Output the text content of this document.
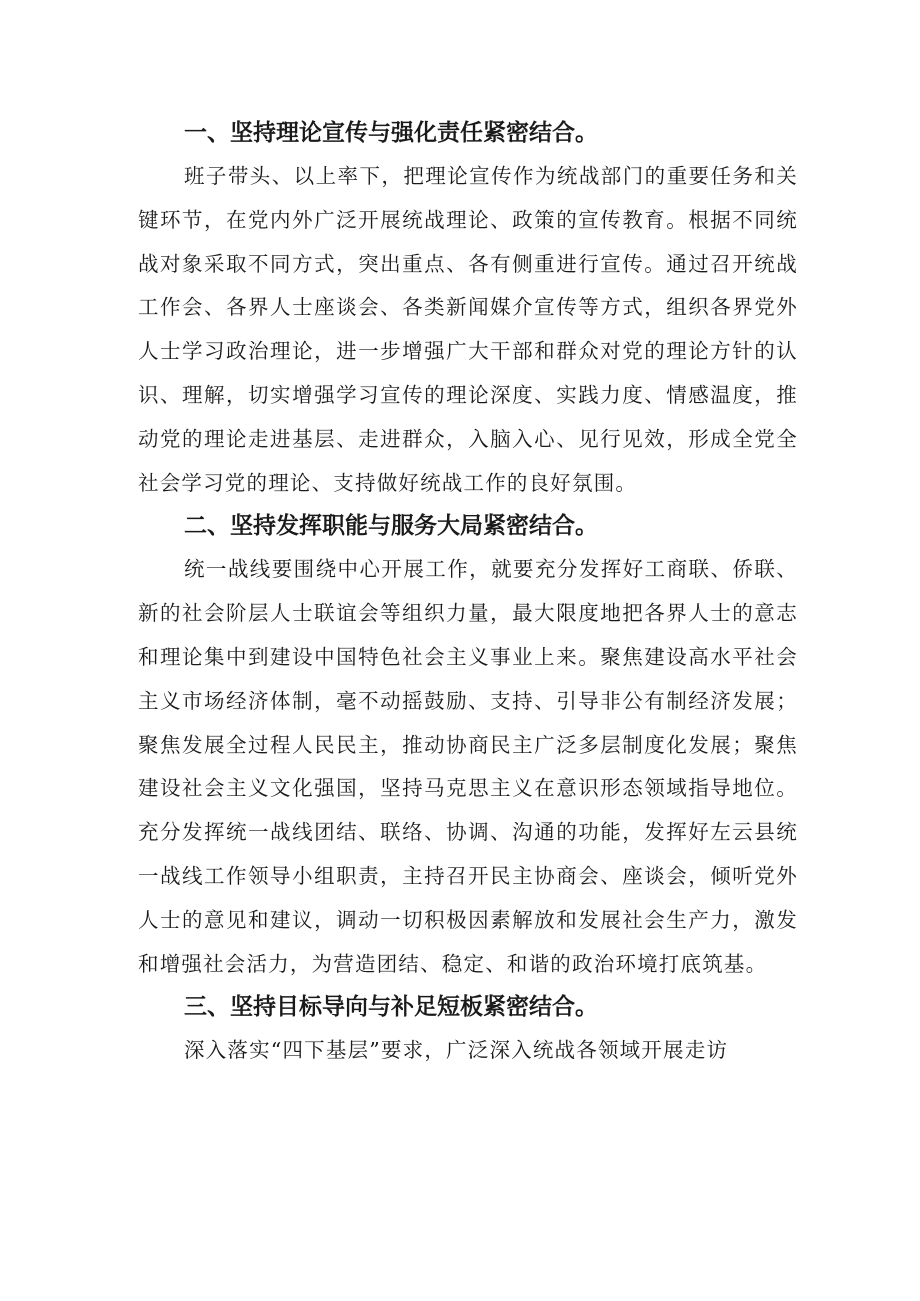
一、坚持理论宣传与强化责任紧密结合。

班子带头、以上率下，把理论宣传作为统战部门的重要任务和关键环节，在党内外广泛开展统战理论、政策的宣传教育。根据不同统战对象采取不同方式，突出重点、各有侧重进行宣传。通过召开统战工作会、各界人士座谈会、各类新闻媒介宣传等方式，组织各界党外人士学习政治理论，进一步增强广大干部和群众对党的理论方针的认识、理解，切实增强学习宣传的理论深度、实践力度、情感温度，推动党的理论走进基层、走进群众，入脑入心、见行见效，形成全党全社会学习党的理论、支持做好统战工作的良好氛围。

二、坚持发挥职能与服务大局紧密结合。

统一战线要围绕中心开展工作，就要充分发挥好工商联、侨联、新的社会阶层人士联谊会等组织力量，最大限度地把各界人士的意志和理论集中到建设中国特色社会主义事业上来。聚焦建设高水平社会主义市场经济体制，毫不动摇鼓励、支持、引导非公有制经济发展；聚焦发展全过程人民民主，推动协商民主广泛多层制度化发展；聚焦建设社会主义文化强国，坚持马克思主义在意识形态领域指导地位。充分发挥统一战线团结、联络、协调、沟通的功能，发挥好左云县统一战线工作领导小组职责，主持召开民主协商会、座谈会，倾听党外人士的意见和建议，调动一切积极因素解放和发展社会生产力，激发和增强社会活力，为营造团结、稳定、和谐的政治环境打底筑基。

三、坚持目标导向与补足短板紧密结合。

深入落实“四下基层”要求，广泛深入统战各领域开展走访
